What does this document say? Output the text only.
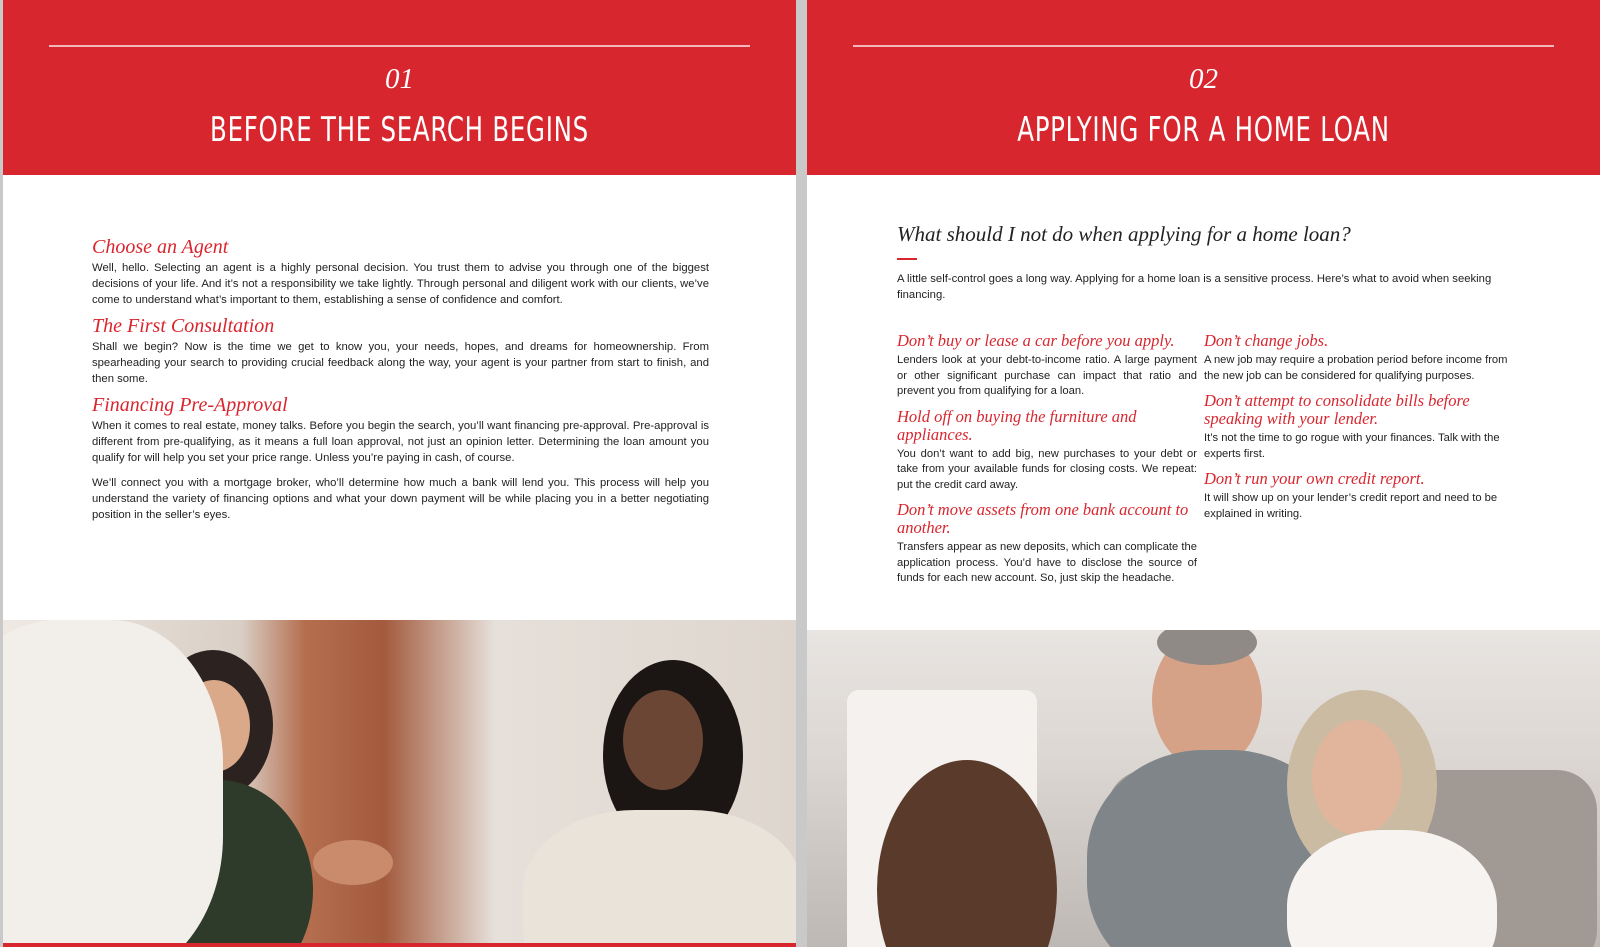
01
BEFORE THE SEARCH BEGINS
Choose an Agent

Well, hello. Selecting an agent is a highly personal decision. You trust them to advise you through one of the biggest decisions of your life. And it’s not a responsibility we take lightly. Through personal and diligent work with our clients, we’ve come to understand what’s important to them, establishing a sense of confidence and comfort.

The First Consultation

Shall we begin? Now is the time we get to know you, your needs, hopes, and dreams for homeownership. From spearheading your search to providing crucial feedback along the way, your agent is your partner from start to finish, and then some.

Financing Pre-Approval

When it comes to real estate, money talks. Before you begin the search, you’ll want financing pre-approval. Pre-approval is different from pre-qualifying, as it means a full loan approval, not just an opinion letter. Determining the loan amount you qualify for will help you set your price range. Unless you’re paying in cash, of course.

We’ll connect you with a mortgage broker, who’ll determine how much a bank will lend you. This process will help you understand the variety of financing options and what your down payment will be while placing you in a better negotiating position in the seller’s eyes.

02
APPLYING FOR A HOME LOAN
What should I not do when applying for a home loan?

A little self-control goes a long way. Applying for a home loan is a sensitive process. Here’s what to avoid when seeking financing.

Don’t buy or lease a car before you apply.

Lenders look at your debt-to-income ratio. A large payment or other significant purchase can impact that ratio and prevent you from qualifying for a loan.

Hold off on buying the furniture and appliances.

You don’t want to add big, new purchases to your debt or take from your available funds for closing costs. We repeat: put the credit card away.

Don’t move assets from one bank account to another.

Transfers appear as new deposits, which can complicate the application process. You’d have to disclose the source of funds for each new account. So, just skip the headache.

Don’t change jobs.

A new job may require a probation period before income from the new job can be considered for qualifying purposes.

Don’t attempt to consolidate bills before speaking with your lender.

It’s not the time to go rogue with your finances. Talk with the experts first.

Don’t run your own credit report.

It will show up on your lender’s credit report and need to be explained in writing.
